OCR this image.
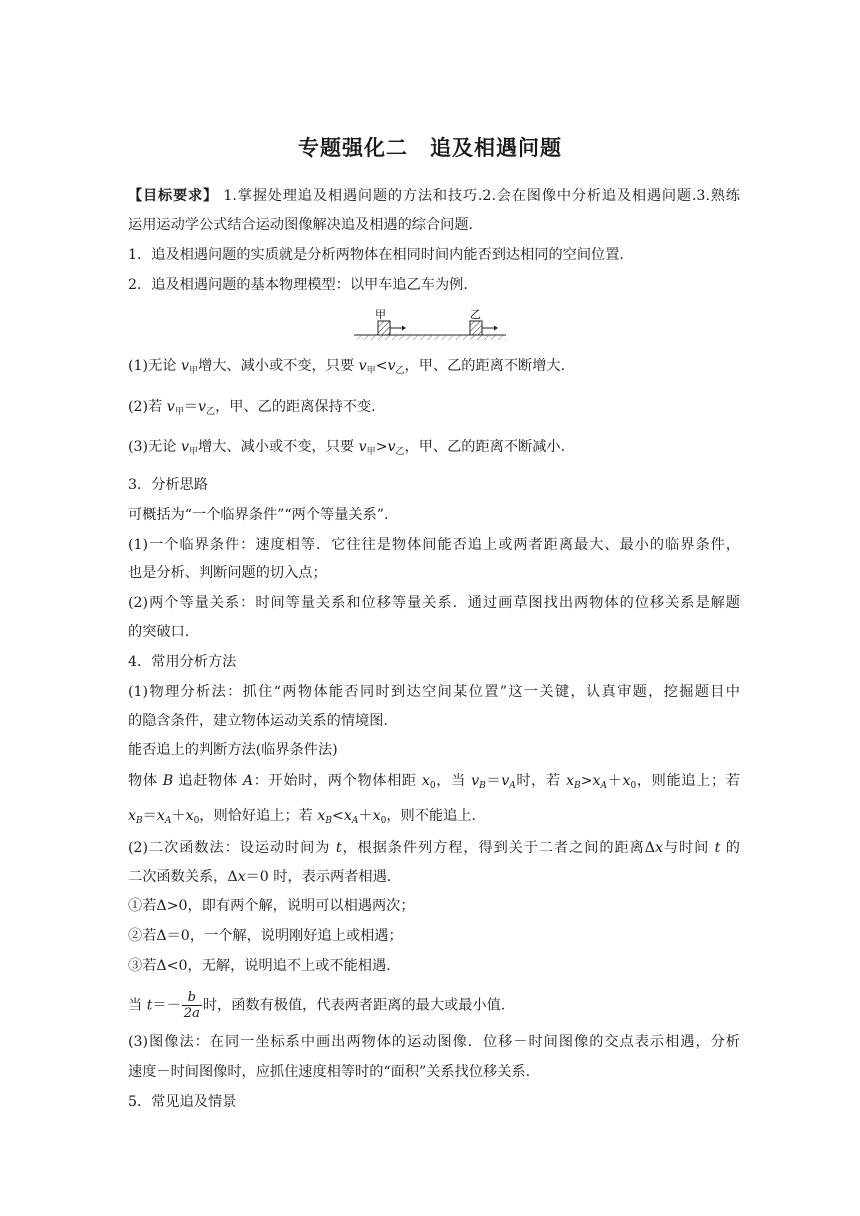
专题强化二 追及相遇问题
【目标要求】 1.掌握处理追及相遇问题的方法和技巧.2.会在图像中分析追及相遇问题.3.熟练
运用运动学公式结合运动图像解决追及相遇的综合问题.
1．追及相遇问题的实质就是分析两物体在相同时间内能否到达相同的空间位置.
2．追及相遇问题的基本物理模型：以甲车追乙车为例.
甲	乙
(1)无论 $v_甲$增大、减小或不变，只要 $v_甲<v_乙$，甲、乙的距离不断增大.
(2)若 $v_甲=v_乙$，甲、乙的距离保持不变.
(3)无论 $v_甲$增大、减小或不变，只要 $v_甲>v_乙$，甲、乙的距离不断减小.
3．分析思路
可概括为“一个临界条件”“两个等量关系”.
(1)一个临界条件：速度相等．它往往是物体间能否追上或两者距离最大、最小的临界条件，
也是分析、判断问题的切入点；
(2)两个等量关系：时间等量关系和位移等量关系．通过画草图找出两物体的位移关系是解题
的突破口.
4．常用分析方法
(1)物理分析法：抓住“两物体能否同时到达空间某位置”这一关键，认真审题，挖掘题目中
的隐含条件，建立物体运动关系的情境图.
能否追上的判断方法(临界条件法)
物体 B 追赶物体 A：开始时，两个物体相距 $x_0$，当 $v_B=v_A$时，若 $x_B>x_A+x_0$，则能追上；若
$x_B=x_A+x_0$，则恰好追上；若 $x_B<x_A+x_0$，则不能追上.
(2)二次函数法：设运动时间为 t，根据条件列方程，得到关于二者之间的距离Δx与时间 t 的
二次函数关系，Δx＝0 时，表示两者相遇.
①若Δ>0，即有两个解，说明可以相遇两次；
②若Δ＝0，一个解，说明刚好追上或相遇；
③若Δ<0，无解，说明追不上或不能相遇.
当 $t=- \frac{b}{2a}$ 时，函数有极值，代表两者距离的最大或最小值.
(3)图像法：在同一坐标系中画出两物体的运动图像．位移－时间图像的交点表示相遇，分析
速度－时间图像时，应抓住速度相等时的“面积”关系找位移关系.
5．常见追及情景
